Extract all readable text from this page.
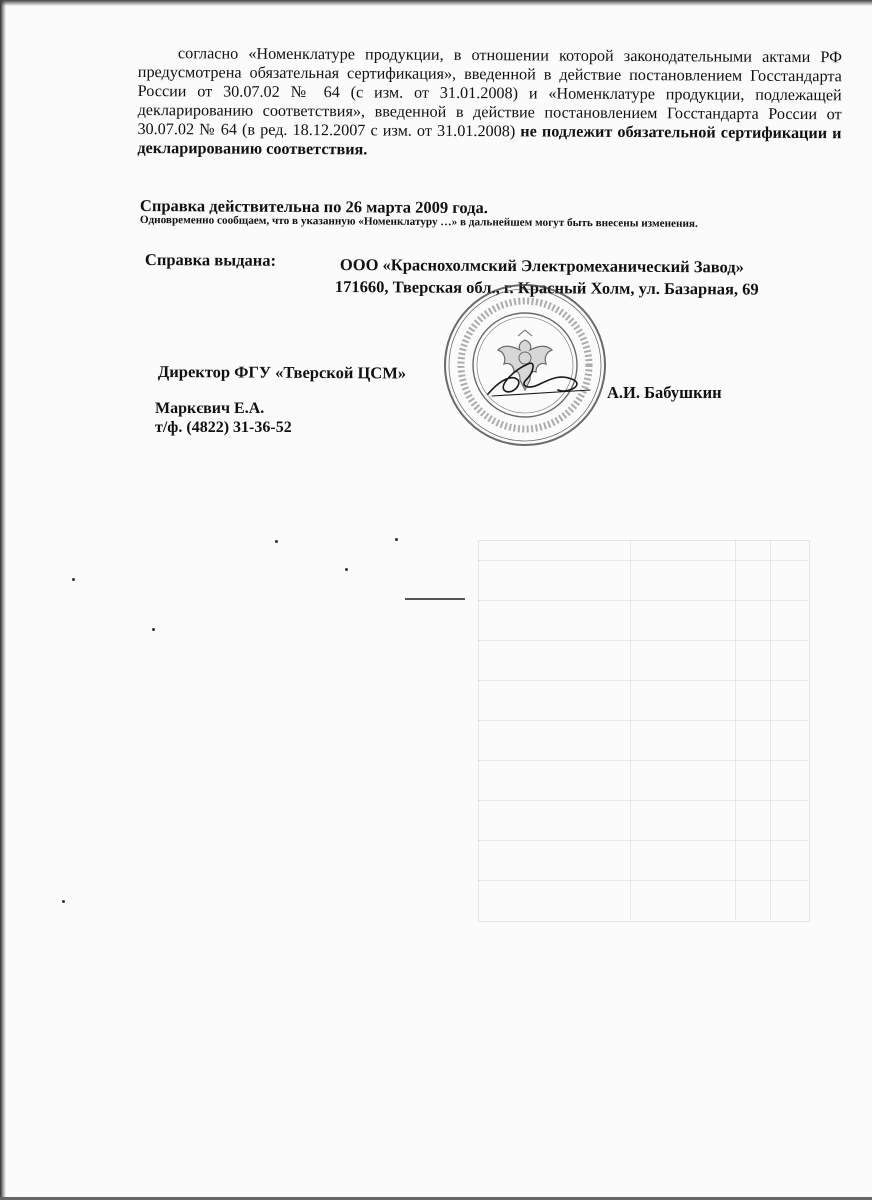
согласно «Номенклатуре продукции, в отношении которой законодательными актами РФ предусмотрена обязательная сертификация», введенной в действие постановлением Госстандарта России от 30.07.02 № 64 (с изм. от 31.01.2008) и «Номенклатуре продукции, подлежащей декларированию соответствия», введенной в действие постановлением Госстандарта России от 30.07.02 № 64 (в ред. 18.12.2007 с изм. от 31.01.2008) не подлежит обязательной сертификации и декларированию соответствия.

Справка действительна по 26 марта 2009 года.

Одновременно сообщаем, что в указанную «Номенклатуру …» в дальнейшем могут быть внесены изменения.

Справка выдана:	ООО «Краснохолмский Электромеханический Завод»

171660, Тверская обл., г. Красный Холм, ул. Базарная, 69

Директор ФГУ «Тверской ЦСМ»

А.И. Бабушкин

Маркєвич Е.А.

т/ф. (4822) 31-36-52
